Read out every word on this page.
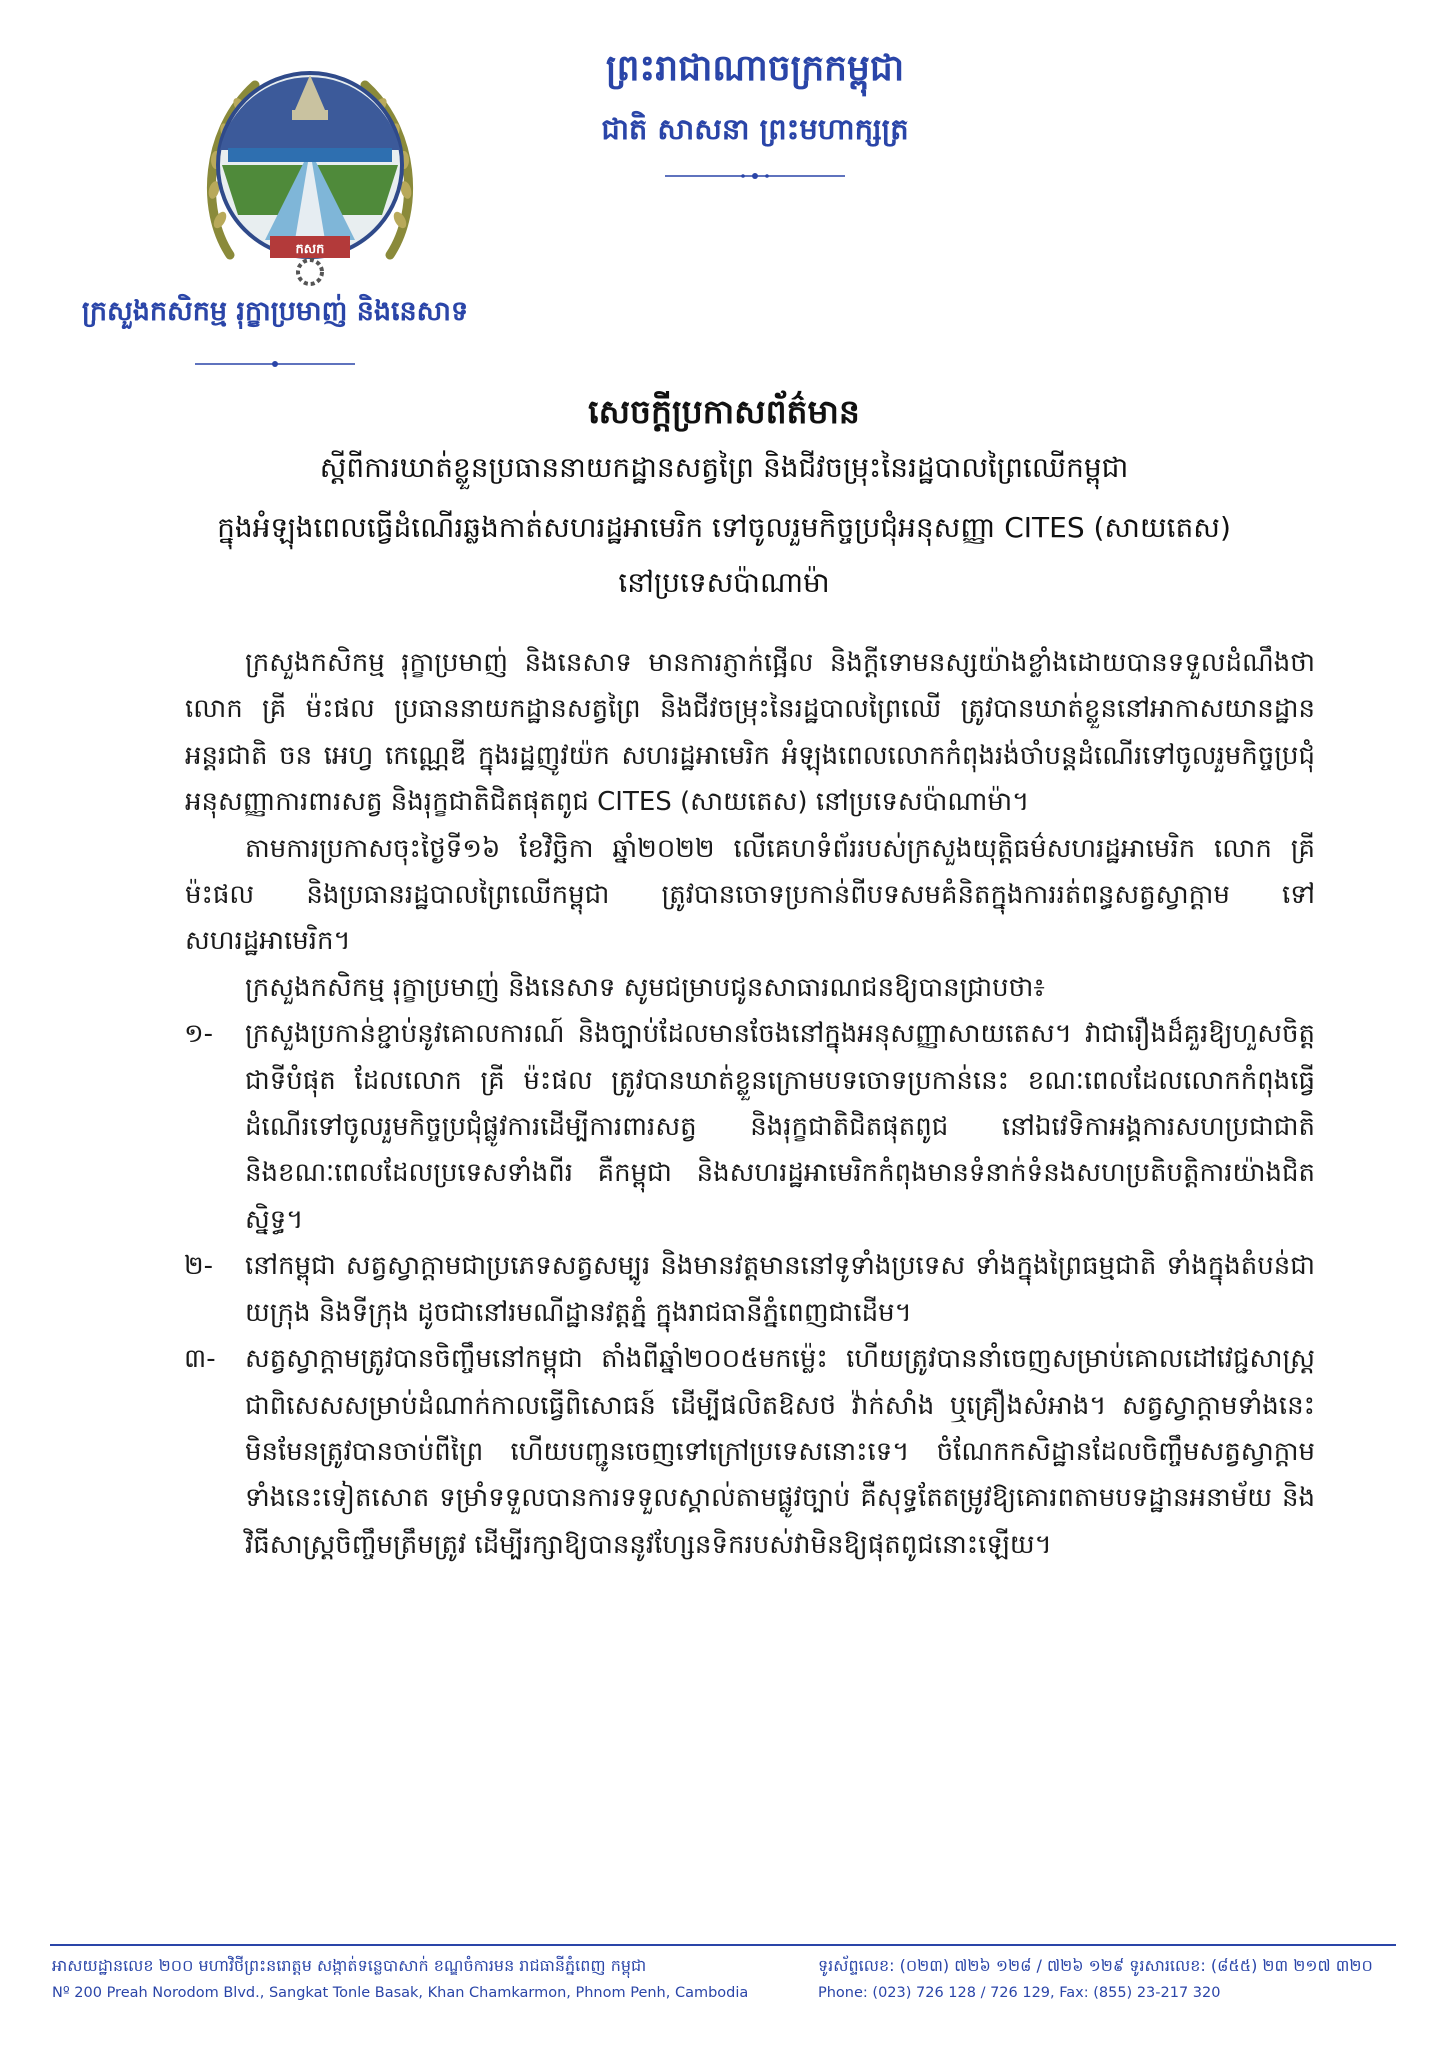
កសក
ក្រសួងកសិកម្ម រុក្ខាប្រមាញ់ និងនេសាទ
ព្រះរាជាណាចក្រកម្ពុជា
ជាតិ សាសនា ព្រះមហាក្សត្រ
សេចក្ដីប្រកាសព័ត៌មាន
ស្ដីពីការឃាត់ខ្លួនប្រធាននាយកដ្ឋានសត្វព្រៃ និងជីវចម្រុះនៃរដ្ឋបាលព្រៃឈើកម្ពុជា
ក្នុងអំឡុងពេលធ្វើដំណើរឆ្លងកាត់សហរដ្ឋអាមេរិក ទៅចូលរួមកិច្ចប្រជុំអនុសញ្ញា CITES (សាយតេស)
នៅប្រទេសប៉ាណាម៉ា

ក្រសួងកសិកម្ម រុក្ខាប្រមាញ់ និងនេសាទ មានការភ្ញាក់ផ្អើល និងក្តីទោមនស្សយ៉ាងខ្លាំងដោយបានទទួលដំណឹងថា លោក គ្រី ម៉ះផល ប្រធាននាយកដ្ឋានសត្វព្រៃ និងជីវចម្រុះនៃរដ្ឋបាលព្រៃឈើ ត្រូវបានឃាត់ខ្លួននៅអាកាសយានដ្ឋានអន្តរជាតិ ចន អេហ្វ កេណ្ណេឌី ក្នុងរដ្ឋញូវយ៉ក សហរដ្ឋអាមេរិក អំឡុងពេលលោកកំពុងរង់ចាំបន្តដំណើរទៅចូលរួមកិច្ចប្រជុំអនុសញ្ញាការពារសត្វ និងរុក្ខជាតិជិតផុតពូជ CITES (សាយតេស) នៅប្រទេសប៉ាណាម៉ា។

តាមការប្រកាសចុះថ្ងៃទី១៦ ខែវិច្ឆិកា ឆ្នាំ២០២២ លើគេហទំព័ររបស់ក្រសួងយុត្តិធម៌សហរដ្ឋអាមេរិក លោក គ្រី ម៉ះផល និងប្រធានរដ្ឋបាលព្រៃឈើកម្ពុជា ត្រូវបានចោទប្រកាន់ពីបទសមគំនិតក្នុងការរត់ពន្ធសត្វស្វាក្ដាម ទៅសហរដ្ឋអាមេរិក។

ក្រសួងកសិកម្ម រុក្ខាប្រមាញ់ និងនេសាទ សូមជម្រាបជូនសាធារណជនឱ្យបានជ្រាបថា៖

១- ក្រសួងប្រកាន់ខ្ជាប់នូវគោលការណ៍ និងច្បាប់ដែលមានចែងនៅក្នុងអនុសញ្ញាសាយតេស។ វាជារឿងដ៏គួរឱ្យហួសចិត្តជាទីបំផុត ដែលលោក គ្រី ម៉ះផល ត្រូវបានឃាត់ខ្លួនក្រោមបទចោទប្រកាន់នេះ ខណៈពេលដែលលោកកំពុងធ្វើដំណើរទៅចូលរួមកិច្ចប្រជុំផ្លូវការដើម្បីការពារសត្វ និងរុក្ខជាតិជិតផុតពូជ នៅឯវេទិកាអង្គការសហប្រជាជាតិ និងខណៈពេលដែលប្រទេសទាំងពីរ គឺកម្ពុជា និងសហរដ្ឋអាមេរិកកំពុងមានទំនាក់ទំនងសហប្រតិបត្តិការយ៉ាងជិតស្និទ្ធ។
២- នៅកម្ពុជា សត្វស្វាក្ដាមជាប្រភេទសត្វសម្បូរ និងមានវត្តមាននៅទូទាំងប្រទេស ទាំងក្នុងព្រៃធម្មជាតិ ទាំងក្នុងតំបន់ជាយក្រុង និងទីក្រុង ដូចជានៅរមណីដ្ឋានវត្តភ្នំ ក្នុងរាជធានីភ្នំពេញជាដើម។
៣- សត្វស្វាក្ដាមត្រូវបានចិញ្ចឹមនៅកម្ពុជា តាំងពីឆ្នាំ២០០៥មកម្ល៉េះ ហើយត្រូវបាននាំចេញសម្រាប់គោលដៅវេជ្ជសាស្ត្រ ជាពិសេសសម្រាប់ដំណាក់កាលធ្វើពិសោធន៍ ដើម្បីផលិតឱសថ វ៉ាក់សាំង ឬគ្រឿងសំអាង។ សត្វស្វាក្ដាមទាំងនេះមិនមែនត្រូវបានចាប់ពីព្រៃ ហើយបញ្ជូនចេញទៅក្រៅប្រទេសនោះទេ។ ចំណែកកសិដ្ឋានដែលចិញ្ចឹមសត្វស្វាក្ដាមទាំងនេះទៀតសោត ទម្រាំទទួលបានការទទួលស្គាល់តាមផ្លូវច្បាប់ គឺសុទ្ធតែតម្រូវឱ្យគោរពតាមបទដ្ឋានអនាម័យ និងវិធីសាស្ត្រចិញ្ចឹមត្រឹមត្រូវ ដើម្បីរក្សាឱ្យបាននូវហ្សែនទិករបស់វាមិនឱ្យផុតពូជនោះឡើយ។
អាសយដ្ឋានលេខ ២០០ មហាវិថីព្រះនរោត្តម សង្កាត់ទន្លេបាសាក់ ខណ្ឌចំការមន រាជធានីភ្នំពេញ កម្ពុជា
Nº 200 Preah Norodom Blvd., Sangkat Tonle Basak, Khan Chamkarmon, Phnom Penh, Cambodia
ទូរស័ព្ទលេខ: (០២៣) ៧២៦ ១២៨ / ៧២៦ ១២៩ ទូរសារលេខ: (៨៥៥) ២៣ ២១៧ ៣២០
Phone: (023) 726 128 / 726 129, Fax: (855) 23-217 320
